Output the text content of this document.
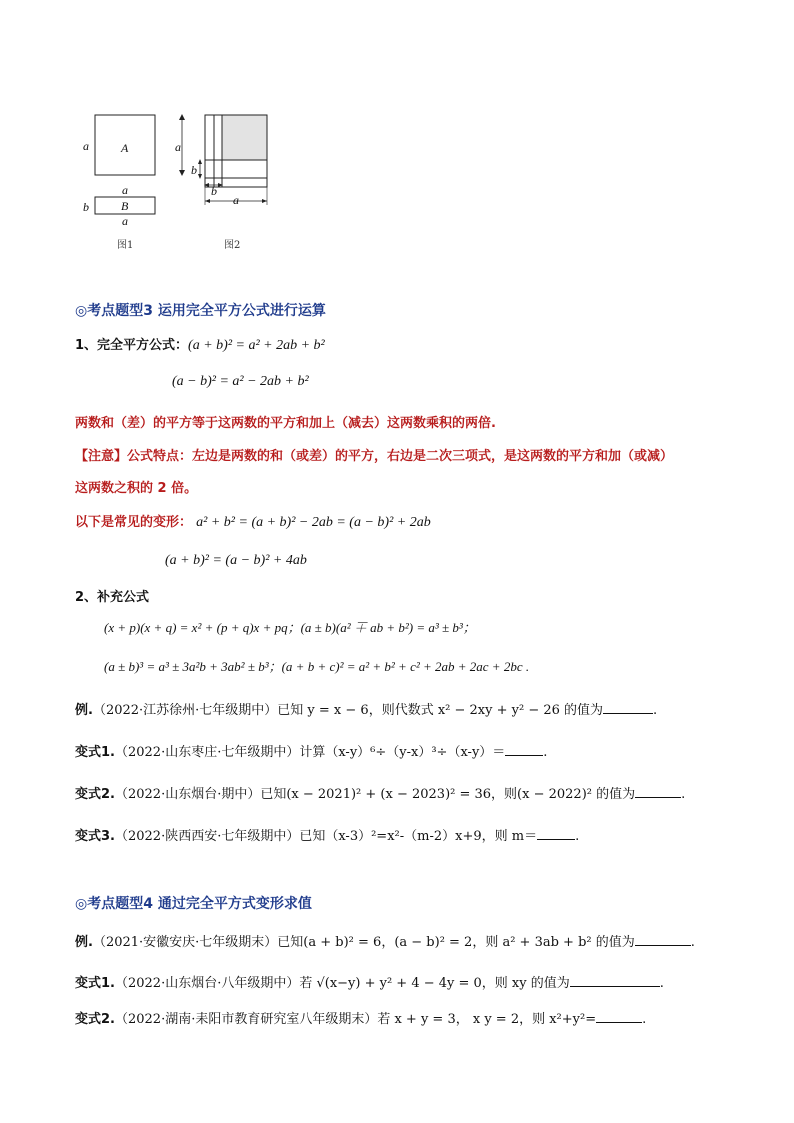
a	A
a
b	B
a
图1
a
b
b
a
图2
◎考点题型3 运用完全平方公式进行运算
1、完全平方公式：(a + b)² = a² + 2ab + b²
(a − b)² = a² − 2ab + b²
两数和（差）的平方等于这两数的平方和加上（减去）这两数乘积的两倍.
【注意】公式特点：左边是两数的和（或差）的平方，右边是二次三项式，是这两数的平方和加（或减）
这两数之积的 2 倍。
以下是常见的变形： a² + b² = (a + b)² − 2ab = (a − b)² + 2ab
(a + b)² = (a − b)² + 4ab
2、补充公式
(x + p)(x + q) = x² + (p + q)x + pq；(a ± b)(a² ∓ ab + b²) = a³ ± b³；
(a ± b)³ = a³ ± 3a²b + 3ab² ± b³；(a + b + c)² = a² + b² + c² + 2ab + 2ac + 2bc .
例.（2022·江苏徐州·七年级期中）已知 y = x − 6，则代数式 x² − 2xy + y² − 26 的值为	.
变式1.（2022·山东枣庄·七年级期中）计算（x-y）⁶÷（y-x）³÷（x-y）＝	.
变式2.（2022·山东烟台·期中）已知(x − 2021)² + (x − 2023)² = 36，则(x − 2022)² 的值为	.
变式3.（2022·陕西西安·七年级期中）已知（x-3）²=x²-（m-2）x+9，则 m＝	.
◎考点题型4 通过完全平方式变形求值
例.（2021·安徽安庆·七年级期末）已知(a + b)² = 6，(a − b)² = 2，则 a² + 3ab + b² 的值为	.
变式1.（2022·山东烟台·八年级期中）若 √(x−y) + y² + 4 − 4y = 0，则 xy 的值为	.
变式2.（2022·湖南·耒阳市教育研究室八年级期末）若 x + y = 3， x y = 2，则 x²+y²=	.
